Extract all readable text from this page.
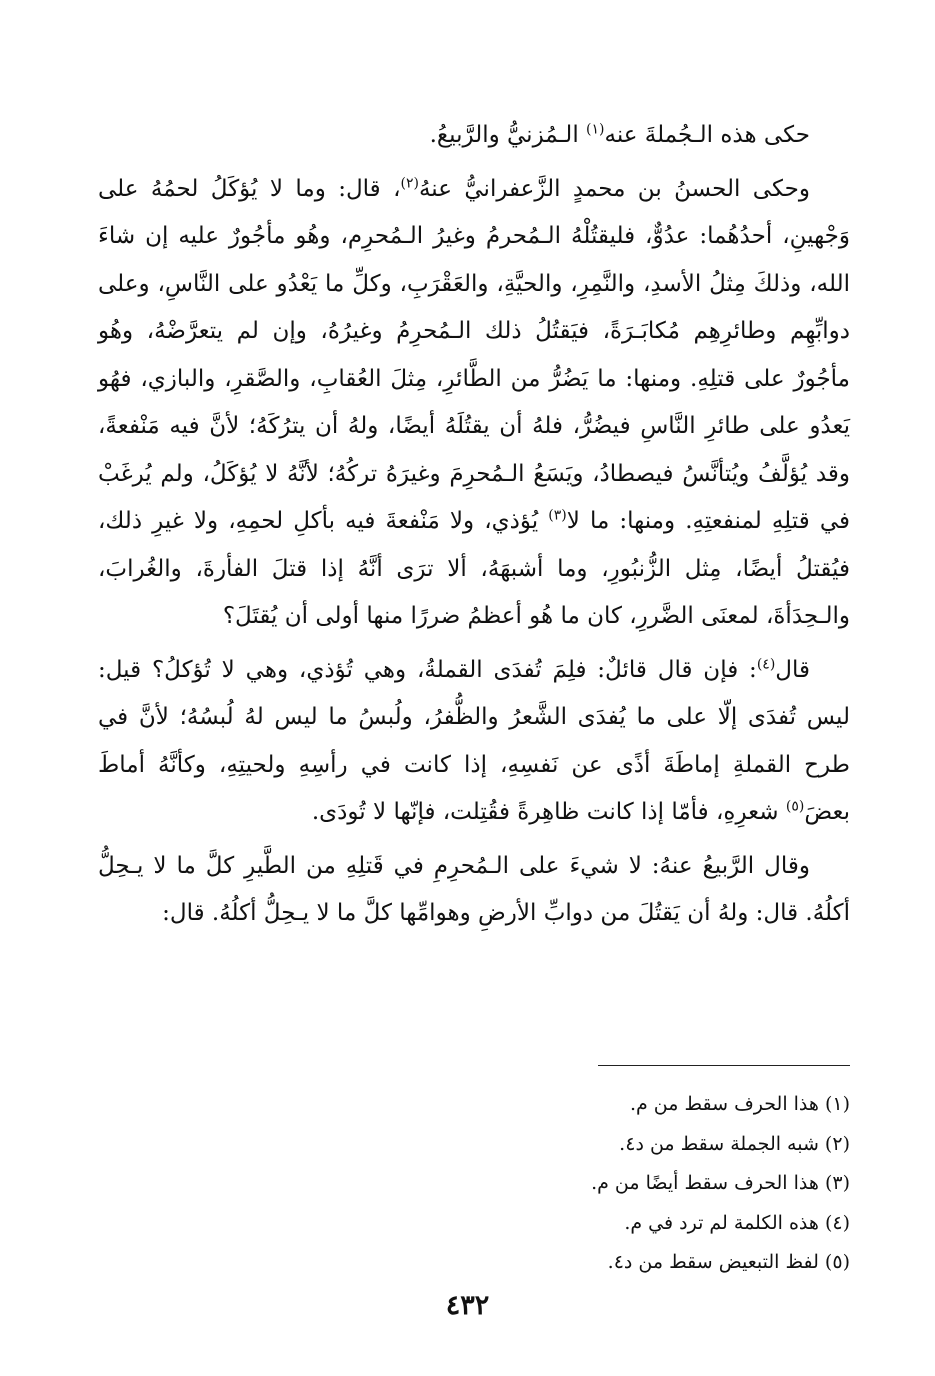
حكى هذه الـجُملةَ عنه$^{(١)}$ الـمُزنيُّ والرَّبيعُ.

وحكى الحسنُ بن محمدٍ الزَّعفرانيُّ عنهُ$^{(٢)}$، قال: وما لا يُؤكَلُ لحمُهُ على وَجْهينِ، أحدُهُما: عدُوٌّ، فليقتُلْهُ الـمُحرمُ وغيرُ الـمُحرِم، وهُو مأجُورٌ عليه إن شاءَ الله، وذلكَ مِثلُ الأسدِ، والنَّمِرِ، والحيَّةِ، والعَقْرَبِ، وكلِّ ما يَعْدُو على النَّاسِ، وعلى دوابِّهِم وطائرِهِم مُكابَـرَةً، فيَقتُلُ ذلك الـمُحرِمُ وغيرُهُ، وإن لم يتعرَّضْهُ، وهُو مأجُورٌ على قتلِهِ. ومنها: ما يَضُرُّ من الطَّائرِ، مِثلَ العُقابِ، والصَّقرِ، والبازي، فهُو يَعدُو على طائرِ النَّاسِ فيضُرُّ، فلهُ أن يقتُلَهُ أيضًا، ولهُ أن يترُكَهُ؛ لأنَّ فيه مَنْفعةً، وقد يُؤلَّفُ ويُتأنَّسُ فيصطادُ، ويَسَعُ الـمُحرِمَ وغيرَهُ تركُهُ؛ لأنَّهُ لا يُؤكَلُ، ولم يُرغَبْ في قتلِهِ لمنفعتِهِ. ومنها: ما لا$^{(٣)}$ يُؤذي، ولا مَنْفعةَ فيه بأكلِ لحمِهِ، ولا غيرِ ذلك، فيُقتلُ أيضًا، مِثل الزُّنبُورِ، وما أشبهَهُ، ألا ترَى أنَّهُ إذا قتلَ الفأرةَ، والغُرابَ، والـحِدَأةَ، لمعنَى الضَّررِ، كان ما هُو أعظمُ ضررًا منها أولى أن يُقتَلَ؟

قال$^{(٤)}$: فإن قال قائلٌ: فلِمَ تُفدَى القملةُ، وهي تُؤذي، وهي لا تُؤكلُ؟ قيل: ليس تُفدَى إلّا على ما يُفدَى الشَّعرُ والظُّفرُ، ولُبسُ ما ليس لهُ لُبسُهُ؛ لأنَّ في طرح القملةِ إماطَةَ أذًى عن نَفسِهِ، إذا كانت في رأسِهِ ولحيتِهِ، وكأنَّهُ أماطَ بعضَ$^{(٥)}$ شعرِهِ، فأمّا إذا كانت ظاهِرةً فقُتِلت، فإنّها لا تُودَى.

وقال الرَّبيعُ عنهُ: لا شيءَ على الـمُحرِمِ في قَتلِهِ من الطَّيرِ كلَّ ما لا يـحِلُّ أكلُهُ. قال: ولهُ أن يَقتُلَ من دوابِّ الأرضِ وهوامِّها كلَّ ما لا يـحِلُّ أكلُهُ. قال:

(١) هذا الحرف سقط من م.

(٢) شبه الجملة سقط من د٤.

(٣) هذا الحرف سقط أيضًا من م.

(٤) هذه الكلمة لم ترد في م.

(٥) لفظ التبعيض سقط من د٤.

٤٣٢
